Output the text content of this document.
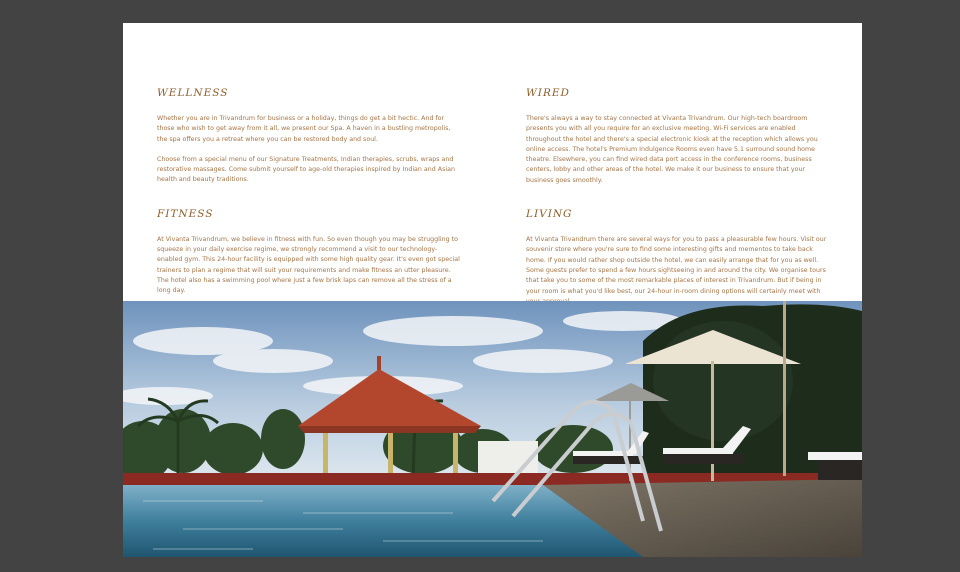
WELLNESS

Whether you are in Trivandrum for business or a holiday, things do get a bit hectic. And for those who wish to get away from it all, we present our Spa. A haven in a bustling metropolis, the spa offers you a retreat where you can be restored body and soul.

Choose from a special menu of our Signature Treatments, Indian therapies, scrubs, wraps and restorative massages. Come submit yourself to age-old therapies inspired by Indian and Asian health and beauty traditions.

FITNESS

At Vivanta Trivandrum, we believe in fitness with fun. So even though you may be struggling to squeeze in your daily exercise regime, we strongly recommend a visit to our technology-enabled gym. This 24-hour facility is equipped with some high quality gear. It's even got special trainers to plan a regime that will suit your requirements and make fitness an utter pleasure. The hotel also has a swimming pool where just a few brisk laps can remove all the stress of a long day.

WIRED

There's always a way to stay connected at Vivanta Trivandrum. Our high-tech boardroom presents you with all you require for an exclusive meeting. Wi-Fi services are enabled throughout the hotel and there's a special electronic kiosk at the reception which allows you online access. The hotel's Premium Indulgence Rooms even have 5.1 surround sound home theatre. Elsewhere, you can find wired data port access in the conference rooms, business centers, lobby and other areas of the hotel. We make it our business to ensure that your business goes smoothly.

LIVING

At Vivanta Trivandrum there are several ways for you to pass a pleasurable few hours. Visit our souvenir store where you're sure to find some interesting gifts and mementos to take back home. If you would rather shop outside the hotel, we can easily arrange that for you as well. Some guests prefer to spend a few hours sightseeing in and around the city. We organise tours that take you to some of the most remarkable places of interest in Trivandrum. But if being in your room is what you'd like best, our 24-hour in-room dining options will certainly meet with
